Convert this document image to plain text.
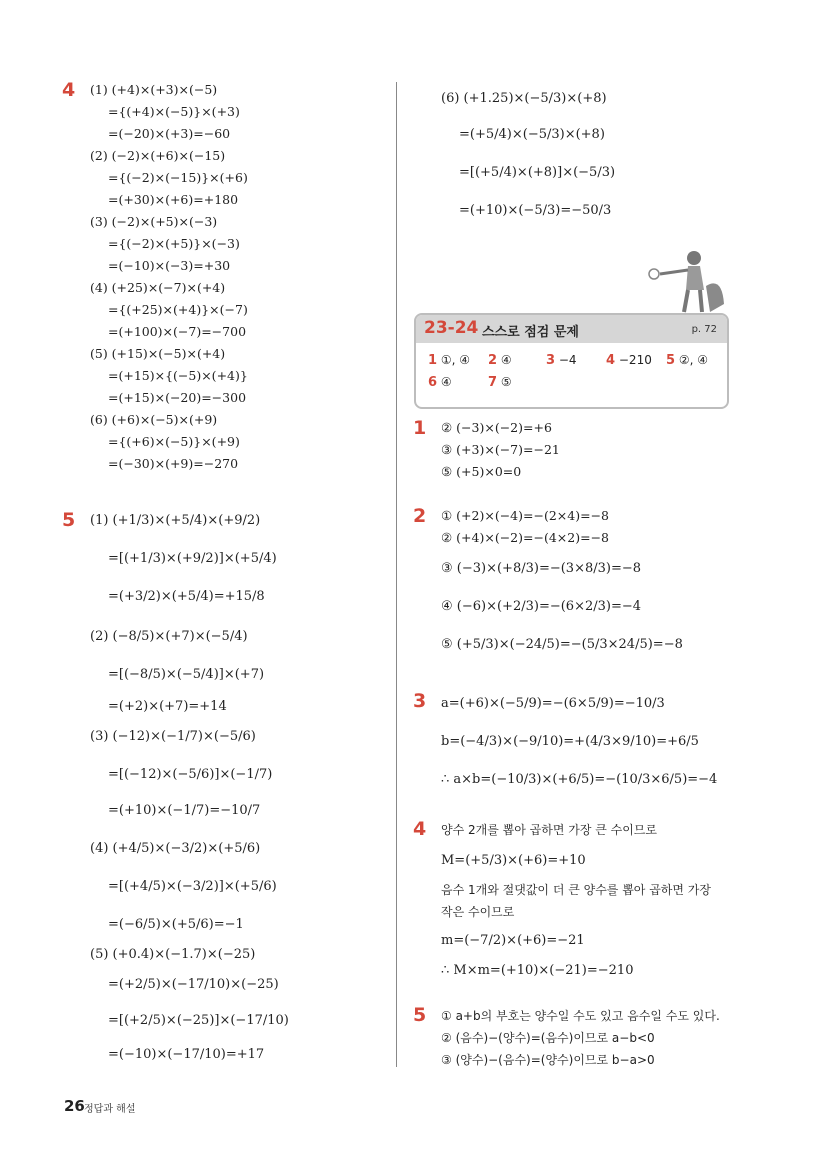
4 (1) (+4)×(+3)×(−5)
={(+4)×(−5)}×(+3)
=(−20)×(+3)=−60
(2) (−2)×(+6)×(−15)
={(−2)×(−15)}×(+6)
=(+30)×(+6)=+180
(3) (−2)×(+5)×(−3)
={(−2)×(+5)}×(−3)
=(−10)×(−3)=+30
(4) (+25)×(−7)×(+4)
={(+25)×(+4)}×(−7)
=(+100)×(−7)=−700
(5) (+15)×(−5)×(+4)
=(+15)×{(−5)×(+4)}
=(+15)×(−20)=−300
(6) (+6)×(−5)×(+9)
={(+6)×(−5)}×(+9)
=(−30)×(+9)=−270
5 (1) (+1/3)×(+5/4)×(+9/2)
=[(+1/3)×(+9/2)]×(+5/4)
=(+3/2)×(+5/4)=+15/8
(2) (−8/5)×(+7)×(−5/4)
=[(−8/5)×(−5/4)]×(+7)
=(+2)×(+7)=+14
(3) (−12)×(−1/7)×(−5/6)
=[(−12)×(−5/6)]×(−1/7)
=(+10)×(−1/7)=−10/7
(4) (+4/5)×(−3/2)×(+5/6)
=[(+4/5)×(−3/2)]×(+5/6)
=(−6/5)×(+5/6)=−1
(5) (+0.4)×(−1.7)×(−25)
=(+2/5)×(−17/10)×(−25)
=[(+2/5)×(−25)]×(−17/10)
=(−10)×(−17/10)=+17
(6) (+1.25)×(−5/3)×(+8)
=(+5/4)×(−5/3)×(+8)
=[(+5/4)×(+8)]×(−5/3)
=(+10)×(−5/3)=−50/3
23-24 스스로 점검 문제	p. 72
1 ①, ④ 2 ④	3 −4 4 −210 5 ②, ④
6 ④	7 ⑤
1 ② (−3)×(−2)=+6
③ (+3)×(−7)=−21
⑤ (+5)×0=0
2 ① (+2)×(−4)=−(2×4)=−8
② (+4)×(−2)=−(4×2)=−8
③ (−3)×(+8/3)=−(3×8/3)=−8
④ (−6)×(+2/3)=−(6×2/3)=−4
⑤ (+5/3)×(−24/5)=−(5/3×24/5)=−8
3 a=(+6)×(−5/9)=−(6×5/9)=−10/3
b=(−4/3)×(−9/10)=+(4/3×9/10)=+6/5
∴ a×b=(−10/3)×(+6/5)=−(10/3×6/5)=−4
4 양수 2개를 뽑아 곱하면 가장 큰 수이므로
M=(+5/3)×(+6)=+10
음수 1개와 절댓값이 더 큰 양수를 뽑아 곱하면 가장
작은 수이므로
m=(−7/2)×(+6)=−21
∴ M×m=(+10)×(−21)=−210
5 ① a+b의 부호는 양수일 수도 있고 음수일 수도 있다.
② (음수)−(양수)=(음수)이므로 a−b<0
③ (양수)−(음수)=(양수)이므로 b−a>0
26 정답과 해설
